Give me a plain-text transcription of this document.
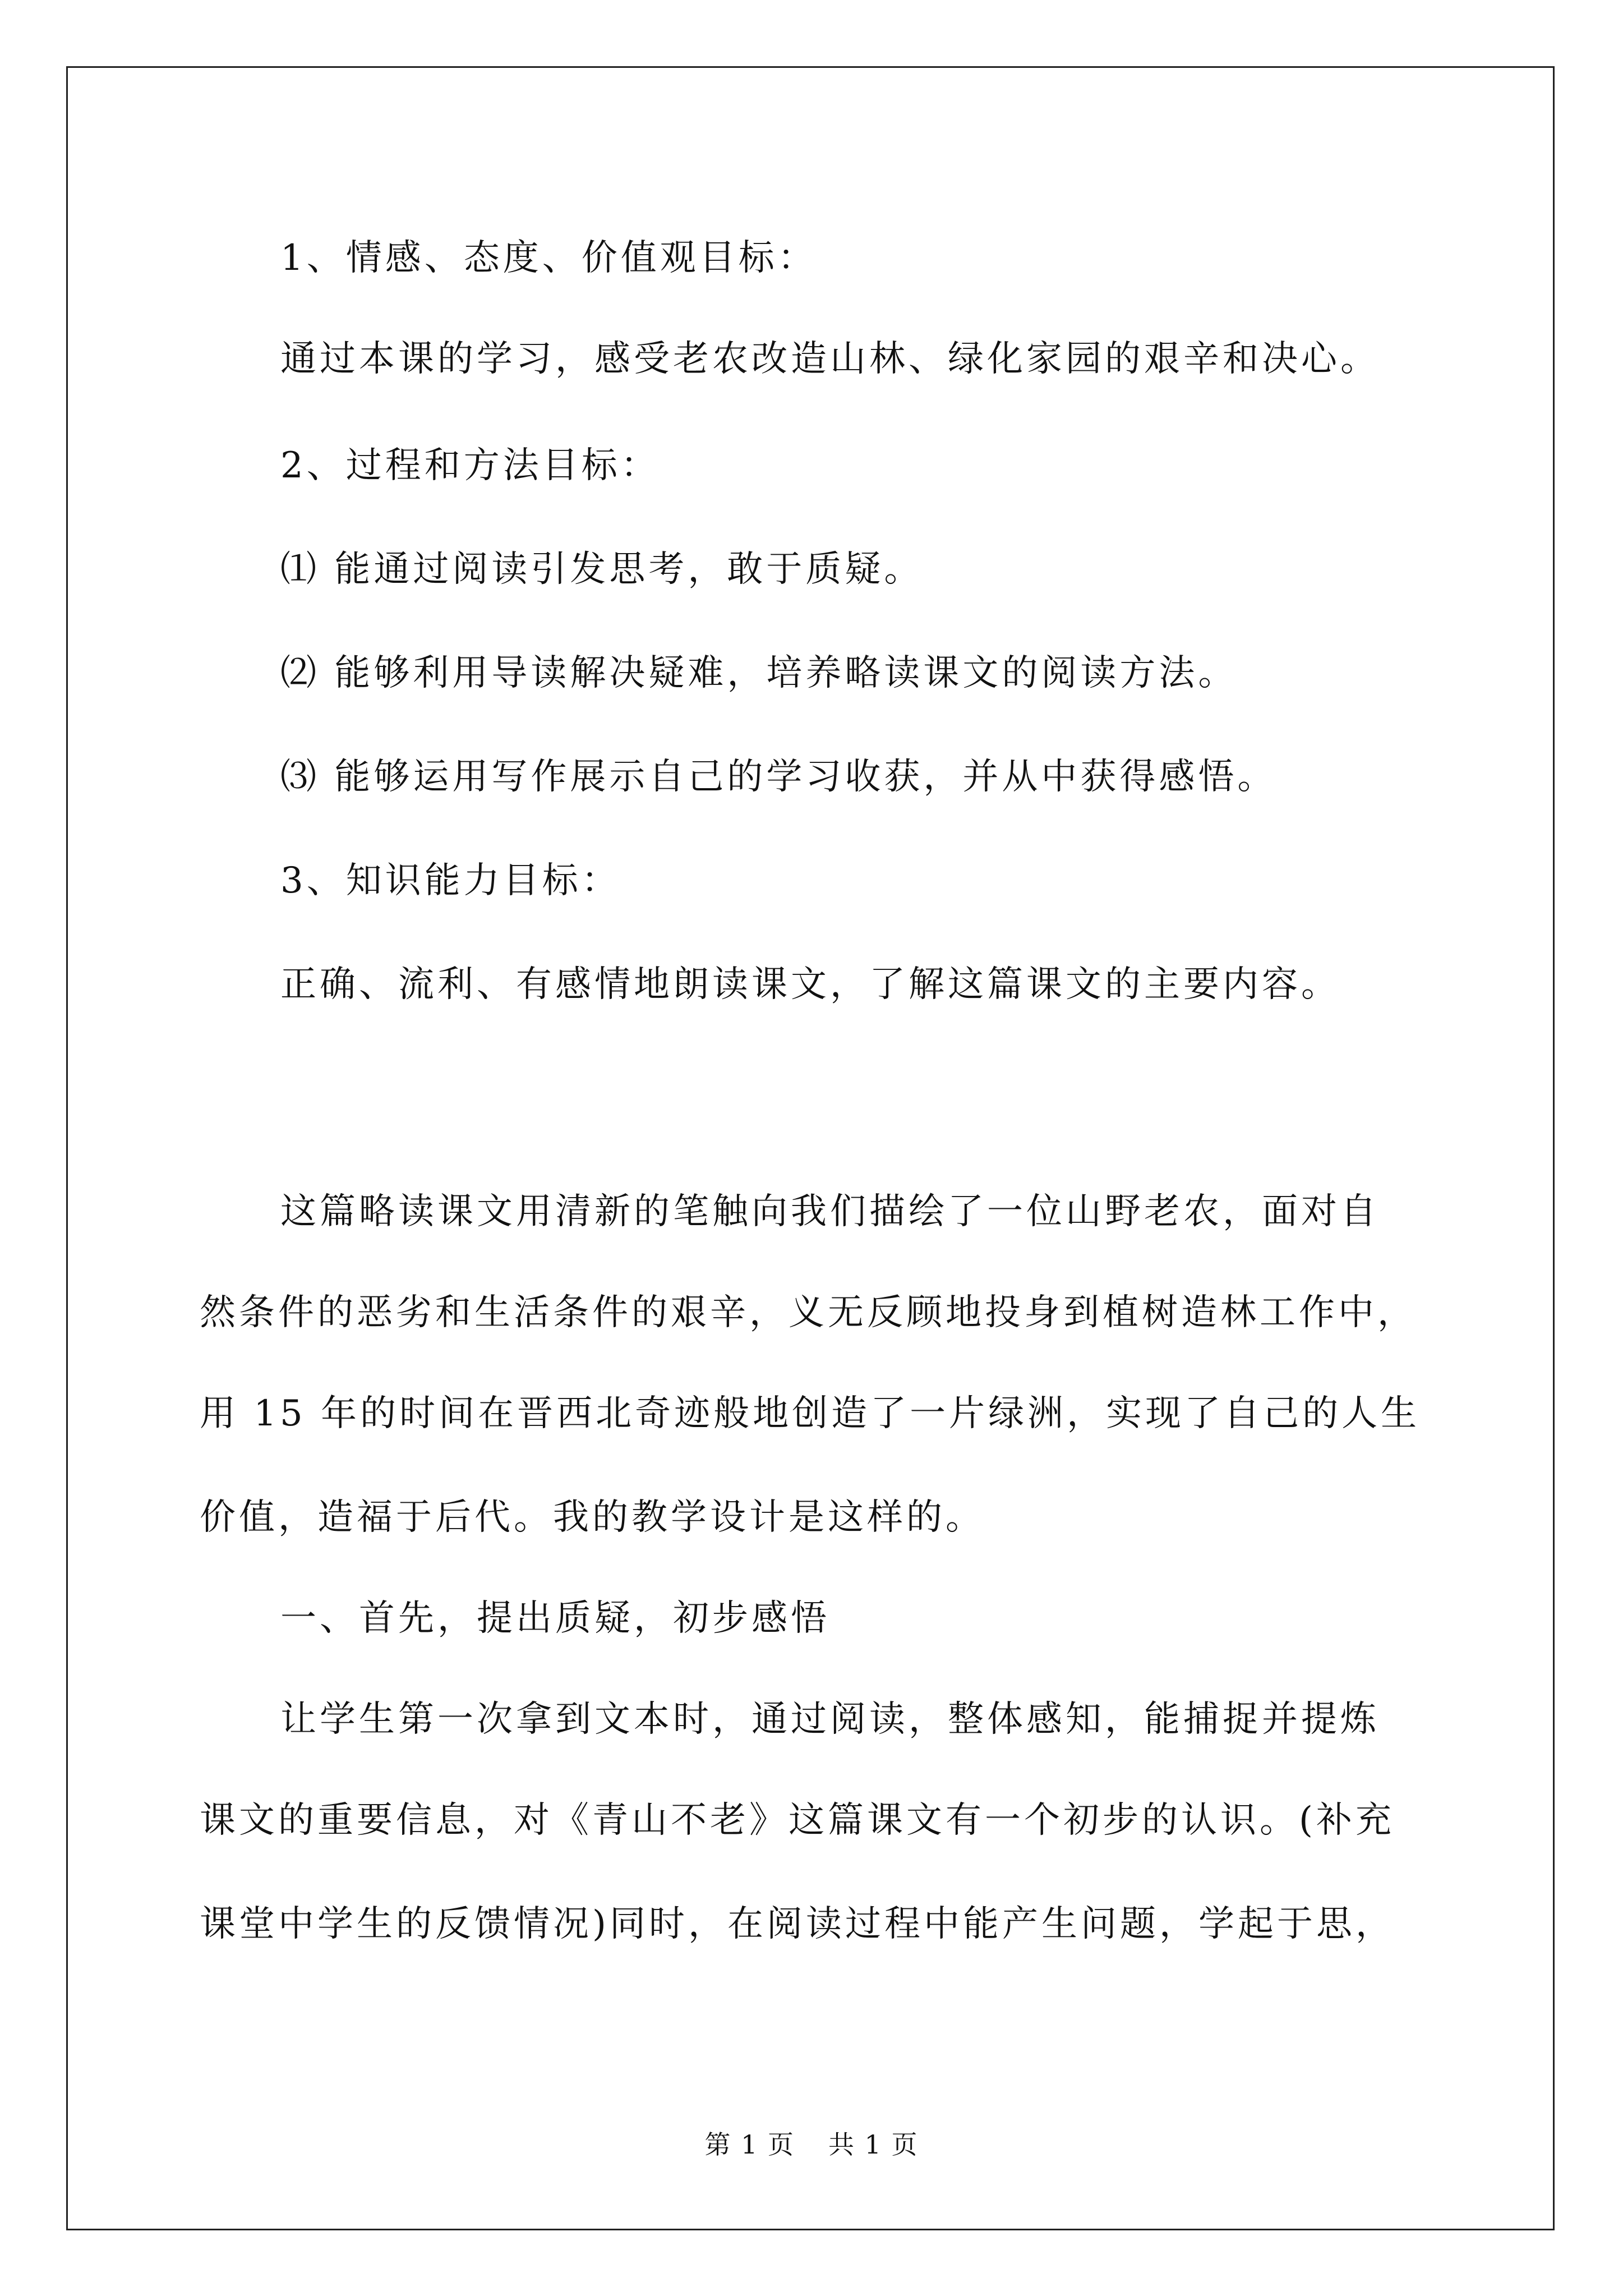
1、情感、态度、价值观目标：
通过本课的学习，感受老农改造山林、绿化家园的艰辛和决心。
2、过程和方法目标：
⑴ 能通过阅读引发思考，敢于质疑。
⑵ 能够利用导读解决疑难，培养略读课文的阅读方法。
⑶ 能够运用写作展示自己的学习收获，并从中获得感悟。
3、知识能力目标：
正确、流利、有感情地朗读课文，了解这篇课文的主要内容。
这篇略读课文用清新的笔触向我们描绘了一位山野老农，面对自
然条件的恶劣和生活条件的艰辛，义无反顾地投身到植树造林工作中，
用 15 年的时间在晋西北奇迹般地创造了一片绿洲，实现了自己的人生
价值，造福于后代。我的教学设计是这样的。
一、首先，提出质疑，初步感悟
让学生第一次拿到文本时，通过阅读，整体感知，能捕捉并提炼
课文的重要信息，对《青山不老》这篇课文有一个初步的认识。(补充
课堂中学生的反馈情况)同时，在阅读过程中能产生问题，学起于思，
第 1 页 共 1 页
